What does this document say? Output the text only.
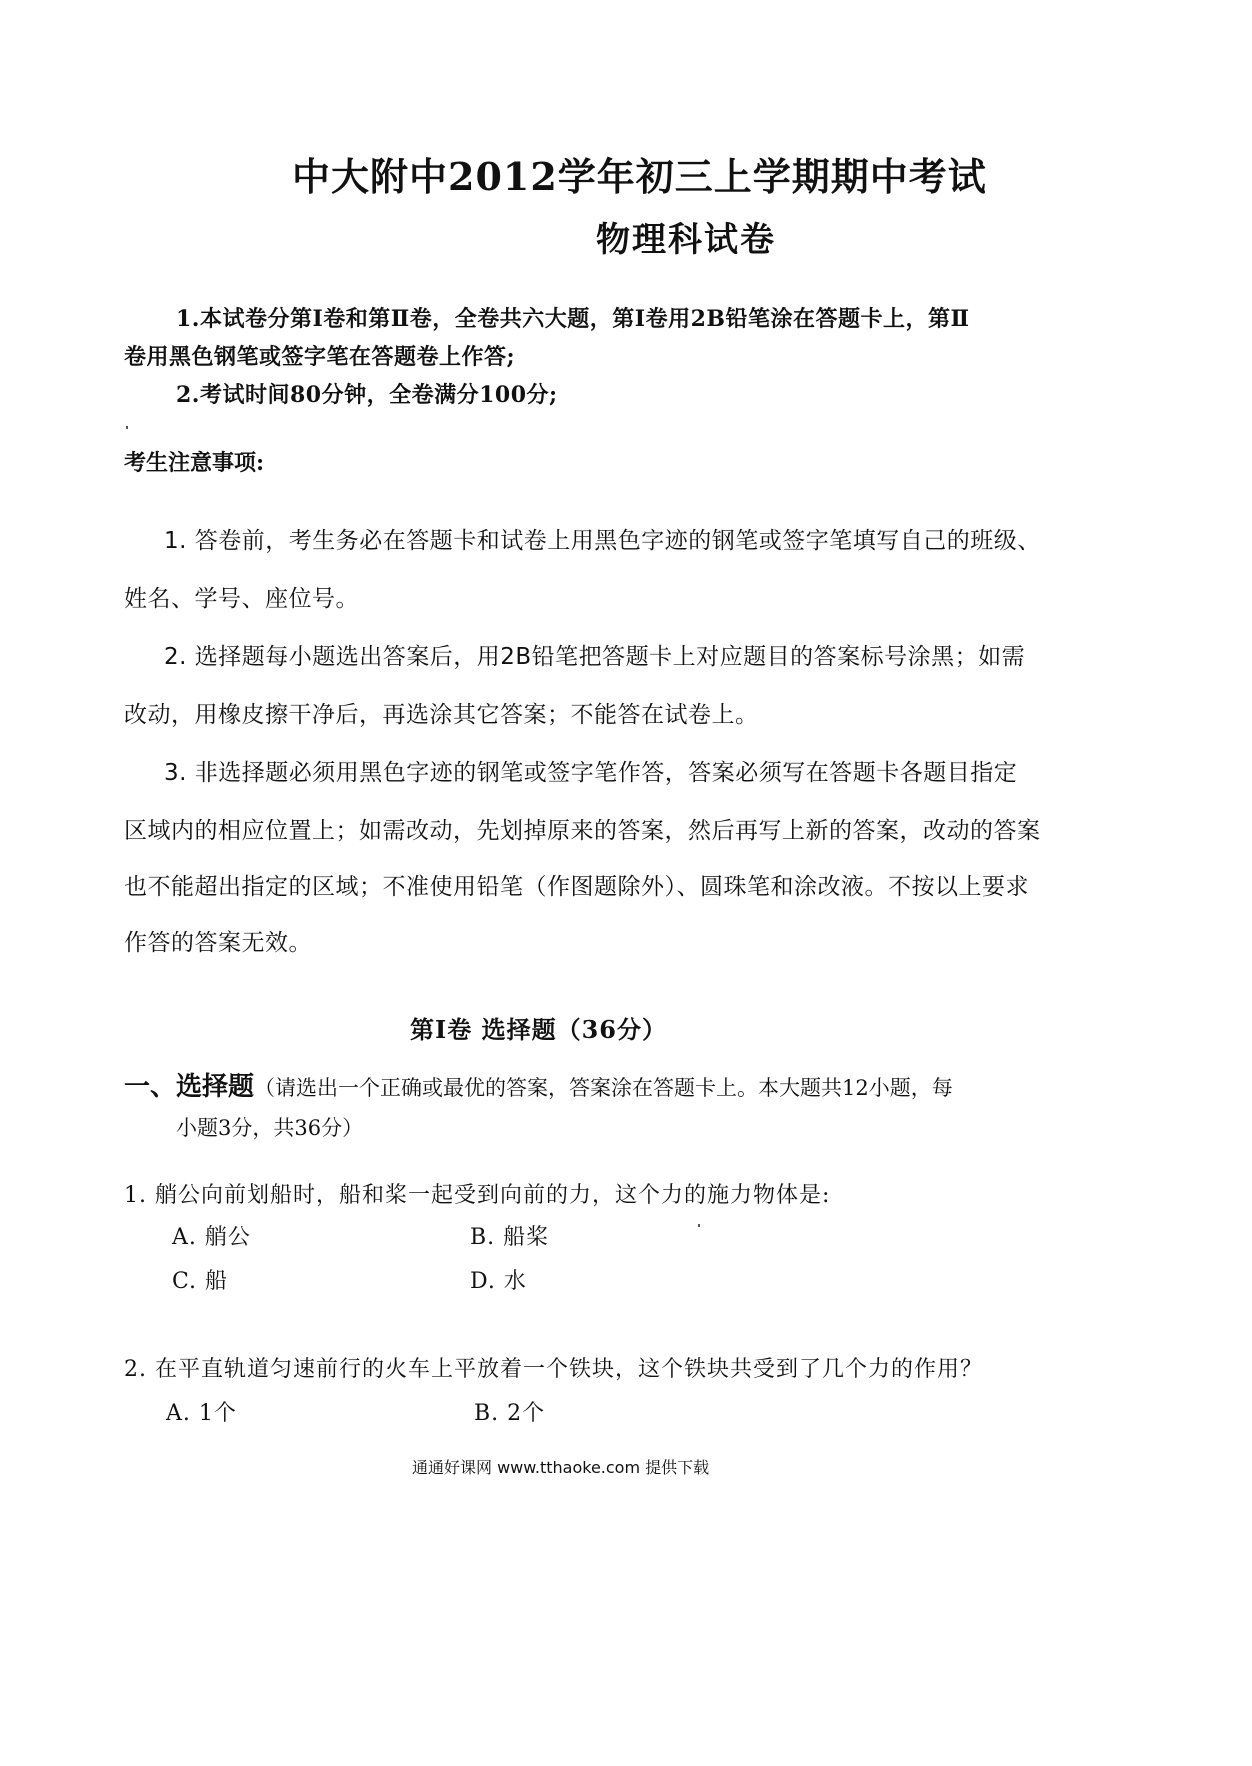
中大附中2012学年初三上学期期中考试
物理科试卷
1.本试卷分第Ⅰ卷和第Ⅱ卷，全卷共六大题，第Ⅰ卷用2B铅笔涂在答题卡上，第Ⅱ
卷用黑色钢笔或签字笔在答题卷上作答;
2.考试时间80分钟，全卷满分100分;
考生注意事项:
1. 答卷前，考生务必在答题卡和试卷上用黑色字迹的钢笔或签字笔填写自己的班级、
姓名、学号、座位号。
2. 选择题每小题选出答案后，用2B铅笔把答题卡上对应题目的答案标号涂黑；如需
改动，用橡皮擦干净后，再选涂其它答案；不能答在试卷上。
3. 非选择题必须用黑色字迹的钢笔或签字笔作答，答案必须写在答题卡各题目指定
区域内的相应位置上；如需改动，先划掉原来的答案，然后再写上新的答案，改动的答案
也不能超出指定的区域；不准使用铅笔（作图题除外）、圆珠笔和涂改液。不按以上要求
作答的答案无效。
第Ⅰ卷 选择题（36分）
一、选择题（请选出一个正确或最优的答案，答案涂在答题卡上。本大题共12小题，每
小题3分，共36分）
1. 艄公向前划船时，船和桨一起受到向前的力，这个力的施力物体是:
A. 艄公	B. 船桨
C. 船	D. 水
2. 在平直轨道匀速前行的火车上平放着一个铁块，这个铁块共受到了几个力的作用？
A. 1个	B. 2个
通通好课网 www.tthaoke.com 提供下载
